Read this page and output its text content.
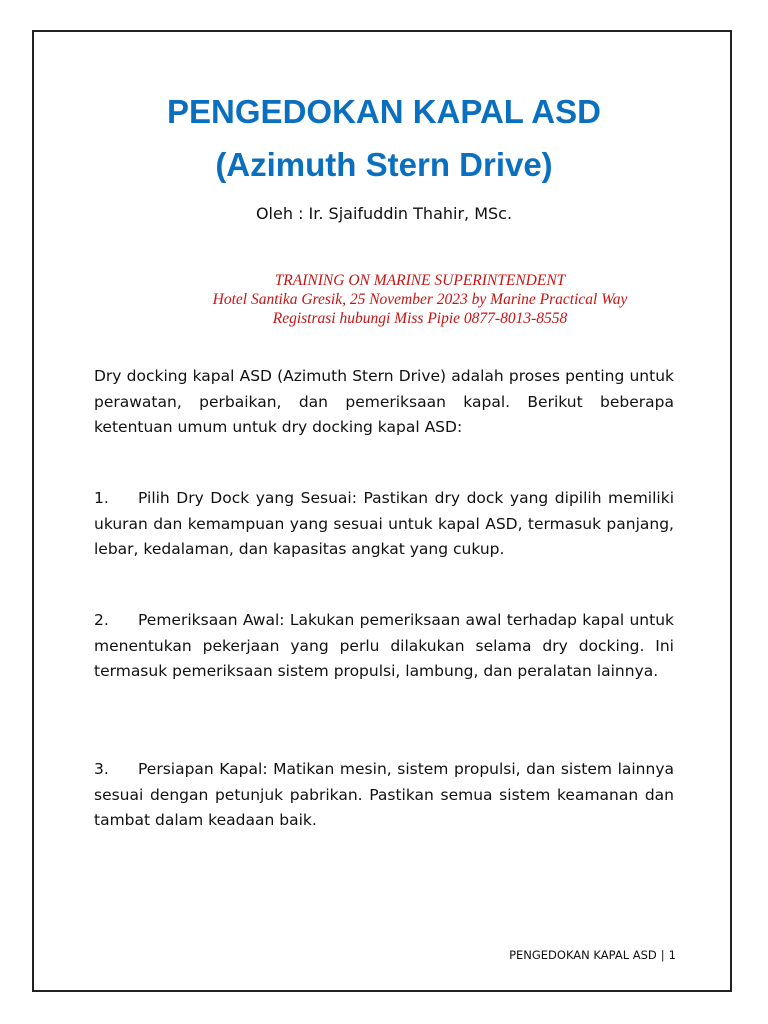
PENGEDOKAN KAPAL ASD
(Azimuth Stern Drive)
Oleh : Ir. Sjaifuddin Thahir, MSc.
TRAINING ON MARINE SUPERINTENDENT
Hotel Santika Gresik, 25 November 2023 by Marine Practical Way
Registrasi hubungi Miss Pipie 0877-8013-8558

Dry docking kapal ASD (Azimuth Stern Drive) adalah proses penting untuk perawatan, perbaikan, dan pemeriksaan kapal. Berikut beberapa ketentuan umum untuk dry docking kapal ASD:

1. Pilih Dry Dock yang Sesuai: Pastikan dry dock yang dipilih memiliki ukuran dan kemampuan yang sesuai untuk kapal ASD, termasuk panjang, lebar, kedalaman, dan kapasitas angkat yang cukup.

2. Pemeriksaan Awal: Lakukan pemeriksaan awal terhadap kapal untuk menentukan pekerjaan yang perlu dilakukan selama dry docking. Ini termasuk pemeriksaan sistem propulsi, lambung, dan peralatan lainnya.

3. Persiapan Kapal: Matikan mesin, sistem propulsi, dan sistem lainnya sesuai dengan petunjuk pabrikan. Pastikan semua sistem keamanan dan tambat dalam keadaan baik.

PENGEDOKAN KAPAL ASD | 1
